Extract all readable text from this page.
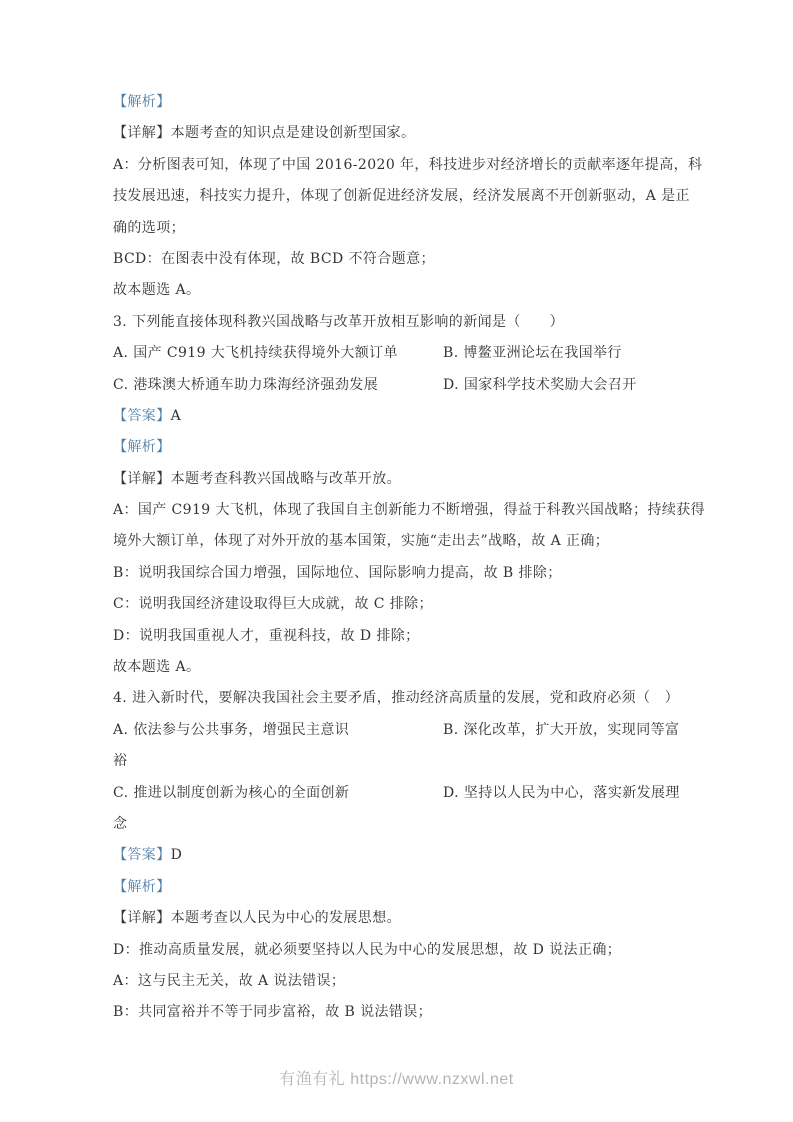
【解析】
【详解】本题考查的知识点是建设创新型国家。
A：分析图表可知，体现了中国 2016-2020 年，科技进步对经济增长的贡献率逐年提高，科
技发展迅速，科技实力提升，体现了创新促进经济发展，经济发展离不开创新驱动，A 是正
确的选项；
BCD：在图表中没有体现，故 BCD 不符合题意；
故本题选 A。
3. 下列能直接体现科教兴国战略与改革开放相互影响的新闻是（　　）
A. 国产 C919 大飞机持续获得境外大额订单	B. 博鳌亚洲论坛在我国举行
C. 港珠澳大桥通车助力珠海经济强劲发展	D. 国家科学技术奖励大会召开
【答案】A
【解析】
【详解】本题考查科教兴国战略与改革开放。
A：国产 C919 大飞机，体现了我国自主创新能力不断增强，得益于科教兴国战略；持续获得
境外大额订单，体现了对外开放的基本国策，实施“走出去”战略，故 A 正确；
B：说明我国综合国力增强，国际地位、国际影响力提高，故 B 排除；
C：说明我国经济建设取得巨大成就，故 C 排除；
D：说明我国重视人才，重视科技，故 D 排除；
故本题选 A。
4. 进入新时代，要解决我国社会主要矛盾，推动经济高质量的发展，党和政府必须（　）
A. 依法参与公共事务，增强民主意识	B. 深化改革，扩大开放，实现同等富
裕
C. 推进以制度创新为核心的全面创新	D. 坚持以人民为中心，落实新发展理
念
【答案】D
【解析】
【详解】本题考查以人民为中心的发展思想。
D：推动高质量发展，就必须要坚持以人民为中心的发展思想，故 D 说法正确；
A：这与民主无关，故 A 说法错误；
B：共同富裕并不等于同步富裕，故 B 说法错误；
有渔有礼 https://www.nzxwl.net
